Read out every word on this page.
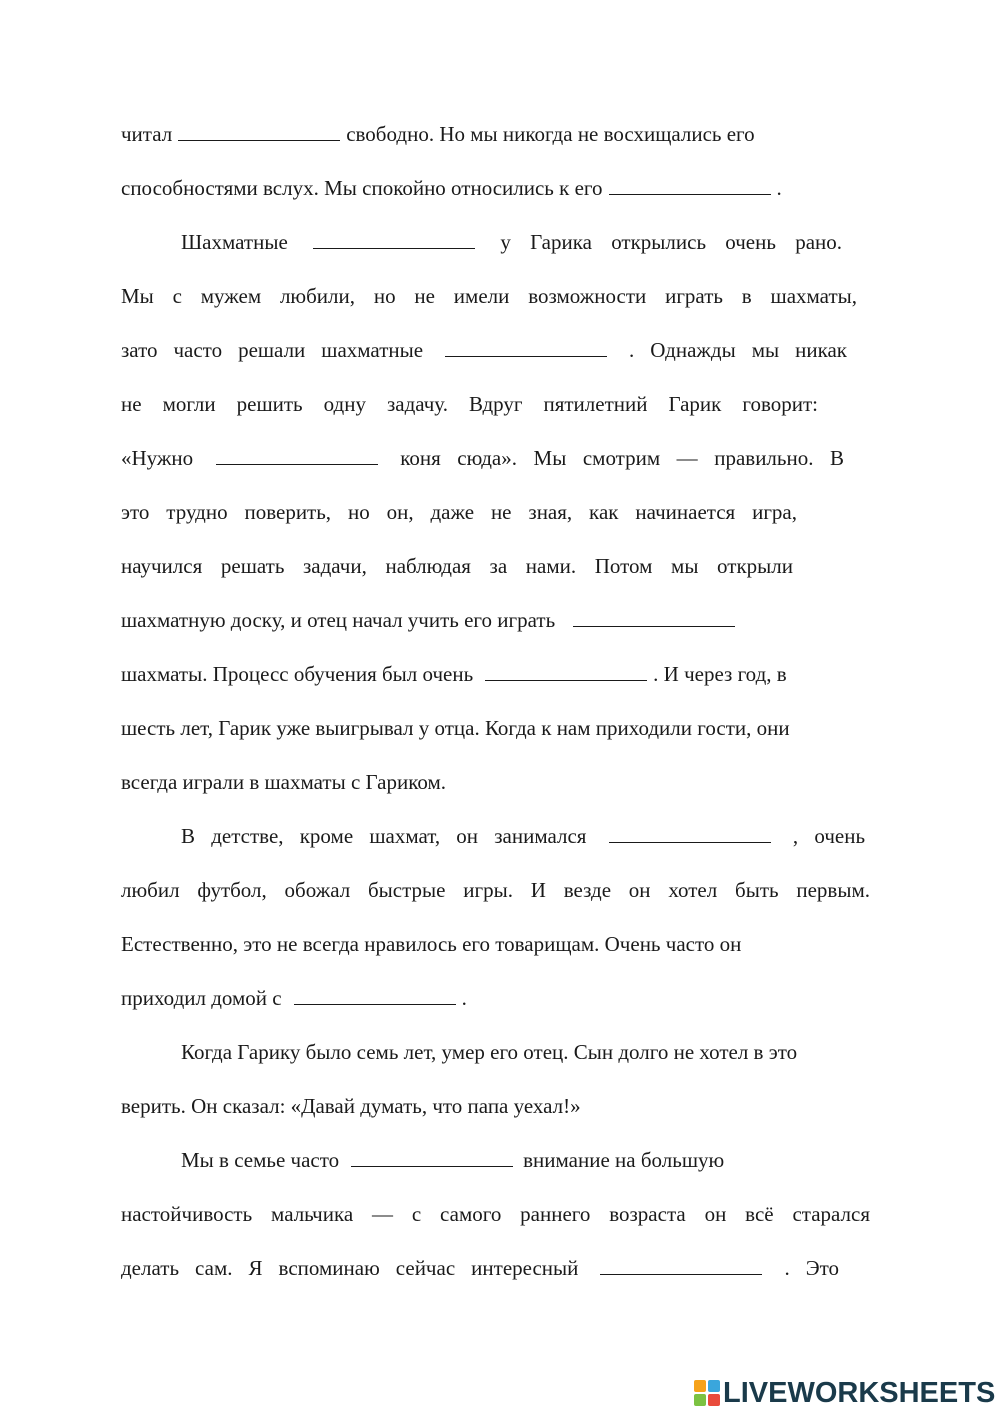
читал	свободно. Но мы никогда не восхищались его
способностями вслух. Мы спокойно относились к его	.
Шахматные	у Гарика открылись очень рано.
Мы с мужем любили, но не имели возможности играть в шахматы,
зато часто решали шахматные	. Однажды мы никак
не могли решить одну задачу. Вдруг пятилетний Гарик говорит:
«Нужно	коня сюда». Мы смотрим — правильно. В
это трудно поверить, но он, даже не зная, как начинается игра,
научился решать задачи, наблюдая за нами. Потом мы открыли
шахматную доску, и отец начал учить его играть
шахматы. Процесс обучения был очень	. И через год, в
шесть лет, Гарик уже выигрывал у отца. Когда к нам приходили гости, они
всегда играли в шахматы с Гариком.
В детстве, кроме шахмат, он занимался	, очень
любил футбол, обожал быстрые игры. И везде он хотел быть первым.
Естественно, это не всегда нравилось его товарищам. Очень часто он
приходил домой с	.
Когда Гарику было семь лет, умер его отец. Сын долго не хотел в это
верить. Он сказал: «Давай думать, что папа уехал!»
Мы в семье часто	внимание на большую
настойчивость мальчика — с самого раннего возраста он всё старался
делать сам. Я вспоминаю сейчас интересный	. Это
LIVEWORKSHEETS
